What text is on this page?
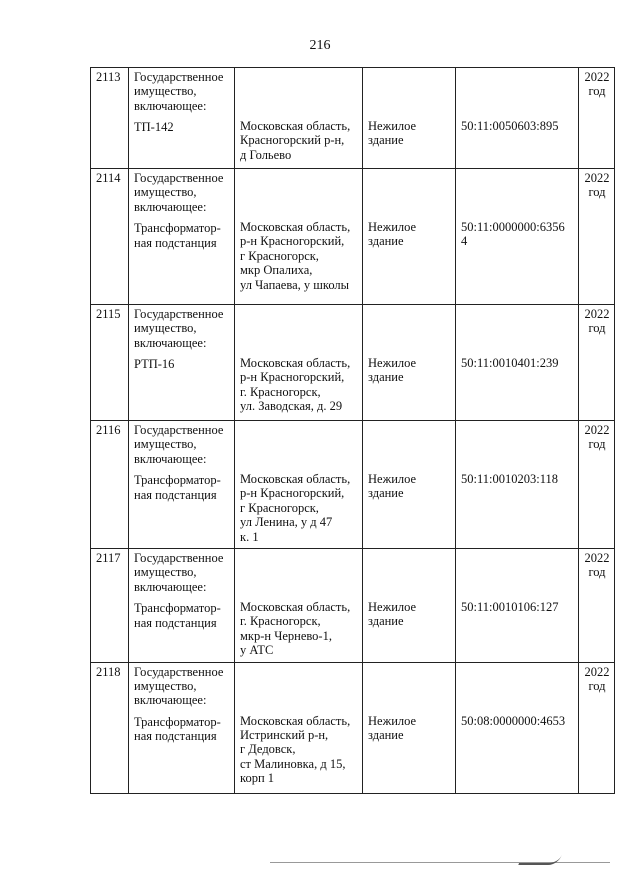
216
2113	Государственное
имущество,
включающее:
ТП-142	Московская область,
Красногорский р-н,
д Гольево	Нежилое
здание	50:11:0050603:895	2022
год

2114	Государственное
имущество,
включающее:
Трансформатор-
ная подстанция	Московская область,
р-н Красногорский,
г Красногорск,
мкр Опалиха,
ул Чапаева, у школы	Нежилое
здание	50:11:0000000:6356 4	2022
год

2115	Государственное
имущество,
включающее:
РТП-16	Московская область,
р-н Красногорский,
г. Красногорск,
ул. Заводская, д. 29	Нежилое
здание	50:11:0010401:239	2022
год

2116	Государственное
имущество,
включающее:
Трансформатор-
ная подстанция	Московская область,
р-н Красногорский,
г Красногорск,
ул Ленина, у д 47
к. 1	Нежилое
здание	50:11:0010203:118	2022
год

2117	Государственное
имущество,
включающее:
Трансформатор-
ная подстанция	Московская область,
г. Красногорск,
мкр-н Чернево-1,
у АТС	Нежилое
здание	50:11:0010106:127	2022
год

2118	Государственное
имущество,
включающее:
Трансформатор-
ная подстанция	Московская область,
Истринский р-н,
г Дедовск,
ст Малиновка, д 15,
корп 1	Нежилое
здание	50:08:0000000:4653	2022
год
